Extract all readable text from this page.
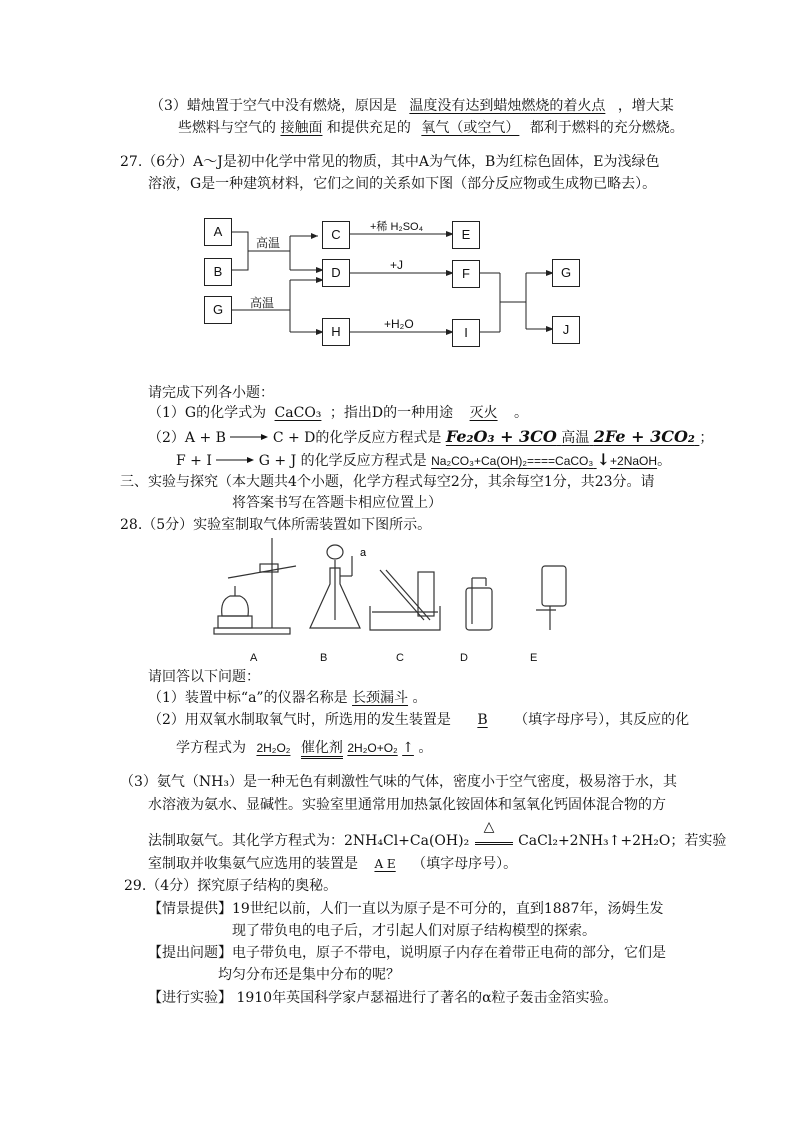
（3）蜡烛置于空气中没有燃烧，原因是 温度没有达到蜡烛燃烧的着火点 ，增大某
些燃料与空气的 接触面 和提供充足的 氧气（或空气） 都利于燃料的充分燃烧。
27.（6分）A～J是初中化学中常见的物质，其中A为气体，B为红棕色固体，E为浅绿色
溶液，G是一种建筑材料，它们之间的关系如下图（部分反应物或生成物已略去）。
A
B
C
D
E
F
G
H	I	J
G
高温
高温
+稀 H₂SO₄
+J
+H₂O
请完成下列各小题：
（1）G的化学式为 CaCO₃ ；指出D的一种用途 灭火 。
（2）A + B	C + D的化学反应方程式是 Fe₂O₃ + 3CO 高温 2Fe + 3CO₂ ；
F + I	G + J 的化学反应方程式是 Na₂CO₃+Ca(OH)₂====CaCO₃ ↓+2NaOH。
三、实验与探究（本大题共4个小题，化学方程式每空2分，其余每空1分，共23分。请
将答案书写在答题卡相应位置上）
28.（5分）实验室制取气体所需装置如下图所示。
a
A	B	C	D	E
请回答以下问题：
（1）装置中标“a”的仪器名称是 长颈漏斗 。
（2）用双氧水制取氧气时，所选用的发生装置是 B （填字母序号），其反应的化
学方程式为 2H₂O₂ 催化剂 2H₂O+O₂ ↑ 。
（3）氨气（NH₃）是一种无色有刺激性气味的气体，密度小于空气密度，极易溶于水，其
水溶液为氨水、显碱性。实验室里通常用加热氯化铵固体和氢氧化钙固体混合物的方
法制取氨气。其化学方程式为：2NH₄Cl+Ca(OH)₂
△
CaCl₂+2NH₃↑+2H₂O；若实验
室制取并收集氨气应选用的装置是 A E （填字母序号）。
29.（4分）探究原子结构的奥秘。
【情景提供】19世纪以前，人们一直以为原子是不可分的，直到1887年，汤姆生发
现了带负电的电子后，才引起人们对原子结构模型的探索。
【提出问题】电子带负电，原子不带电，说明原子内存在着带正电荷的部分，它们是
均匀分布还是集中分布的呢？
【进行实验】 1910年英国科学家卢瑟福进行了著名的α粒子轰击金箔实验。
